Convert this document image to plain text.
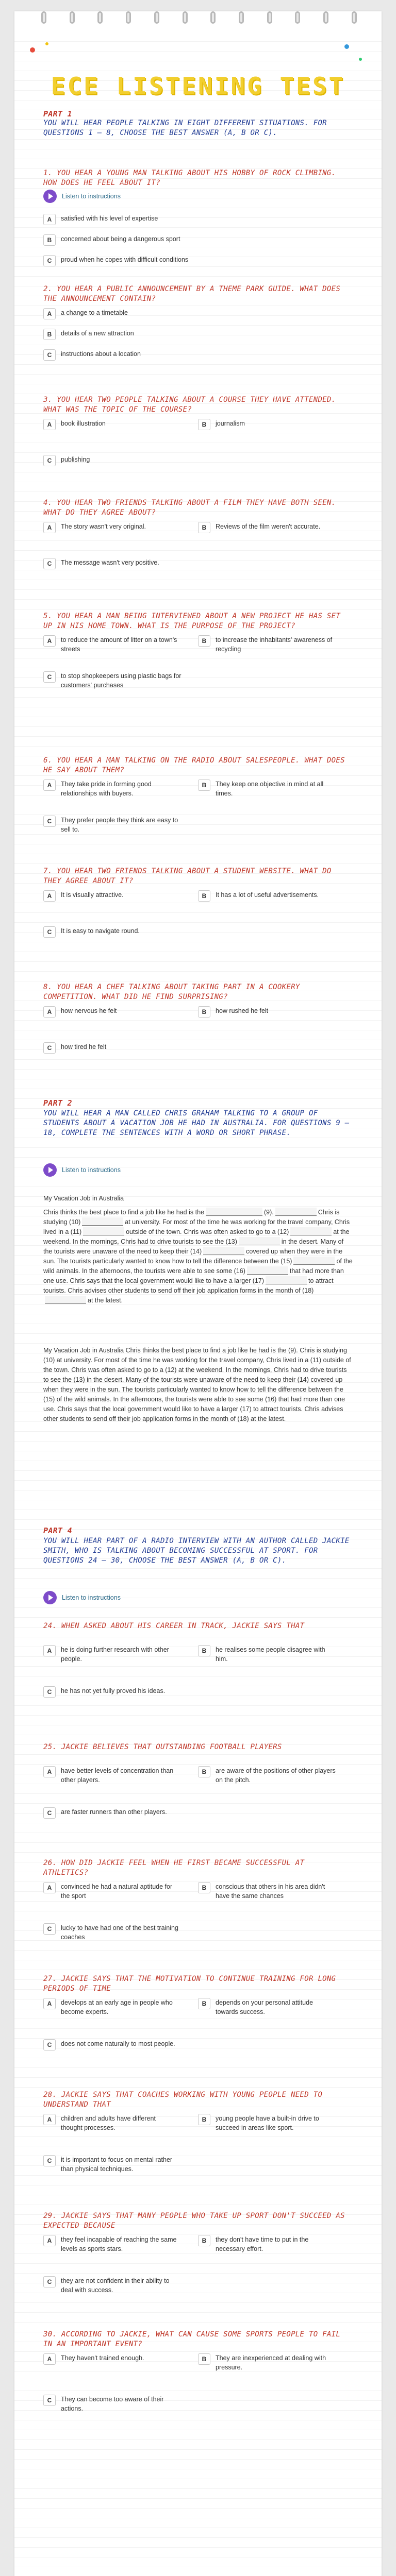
ECE LISTENING TEST
PART 1
YOU WILL HEAR PEOPLE TALKING IN EIGHT DIFFERENT SITUATIONS. FOR QUESTIONS 1 – 8, CHOOSE THE BEST ANSWER (A, B OR C).
1. YOU HEAR A YOUNG MAN TALKING ABOUT HIS HOBBY OF ROCK CLIMBING. HOW DOES HE FEEL ABOUT IT?
Listen to instructions
A	satisfied with his level of expertise
B	concerned about being a dangerous sport
C	proud when he copes with difficult conditions
2. YOU HEAR A PUBLIC ANNOUNCEMENT BY A THEME PARK GUIDE. WHAT DOES THE ANNOUNCEMENT CONTAIN?
A	a change to a timetable
B	details of a new attraction
C	instructions about a location
3. YOU HEAR TWO PEOPLE TALKING ABOUT A COURSE THEY HAVE ATTENDED. WHAT WAS THE TOPIC OF THE COURSE?
A	book illustration	B	journalism
C	publishing
4. YOU HEAR TWO FRIENDS TALKING ABOUT A FILM THEY HAVE BOTH SEEN. WHAT DO THEY AGREE ABOUT?
A	The story wasn't very original.	B	Reviews of the film weren't accurate.
C	The message wasn't very positive.
5. YOU HEAR A MAN BEING INTERVIEWED ABOUT A NEW PROJECT HE HAS SET UP IN HIS HOME TOWN. WHAT IS THE PURPOSE OF THE PROJECT?
A	to reduce the amount of litter on a town's streets
B	to increase the inhabitants' awareness of recycling
C	to stop shopkeepers using plastic bags for customers' purchases
6. YOU HEAR A MAN TALKING ON THE RADIO ABOUT SALESPEOPLE. WHAT DOES HE SAY ABOUT THEM?
A	They take pride in forming good relationships with buyers.
B	They keep one objective in mind at all times.
C	They prefer people they think are easy to sell to.
7. YOU HEAR TWO FRIENDS TALKING ABOUT A STUDENT WEBSITE. WHAT DO THEY AGREE ABOUT IT?
A	It is visually attractive.	B	It has a lot of useful advertisements.
C	It is easy to navigate round.
8. YOU HEAR A CHEF TALKING ABOUT TAKING PART IN A COOKERY COMPETITION. WHAT DID HE FIND SURPRISING?
A	how nervous he felt	B	how rushed he felt
C	how tired he felt
PART 2
YOU WILL HEAR A MAN CALLED CHRIS GRAHAM TALKING TO A GROUP OF STUDENTS ABOUT A VACATION JOB HE HAD IN AUSTRALIA. FOR QUESTIONS 9 – 18, COMPLETE THE SENTENCES WITH A WORD OR SHORT PHRASE.
Listen to instructions
My Vacation Job in Australia
Chris thinks the best place to find a job like he had is the	(9).	Chris is studying (10)	at university. For most of the time he was working for the travel company, Chris lived in a (11)	outside of the town. Chris was often asked to go to a (12)	at the weekend. In the mornings, Chris had to drive tourists to see the (13)	in the desert. Many of the tourists were unaware of the need to keep their (14)	covered up when they were in the sun. The tourists particularly wanted to know how to tell the difference between the (15)	of the wild animals. In the afternoons, the tourists were able to see some (16)	that had more than one use. Chris says that the local government would like to have a larger (17)	to attract tourists. Chris advises other students to send off their job application forms in the month of (18)at the latest.
My Vacation Job in Australia Chris thinks the best place to find a job like he had is the (9). Chris is studying (10) at university. For most of the time he was working for the travel company, Chris lived in a (11) outside of the town. Chris was often asked to go to a (12) at the weekend. In the mornings, Chris had to drive tourists to see the (13) in the desert. Many of the tourists were unaware of the need to keep their (14) covered up when they were in the sun. The tourists particularly wanted to know how to tell the difference between the (15) of the wild animals. In the afternoons, the tourists were able to see some (16) that had more than one use. Chris says that the local government would like to have a larger (17) to attract tourists. Chris advises other students to send off their job application forms in the month of (18) at the latest.
PART 4
YOU WILL HEAR PART OF A RADIO INTERVIEW WITH AN AUTHOR CALLED JACKIE SMITH, WHO IS TALKING ABOUT BECOMING SUCCESSFUL AT SPORT. FOR QUESTIONS 24 – 30, CHOOSE THE BEST ANSWER (A, B OR C).
Listen to instructions
24. WHEN ASKED ABOUT HIS CAREER IN TRACK, JACKIE SAYS THAT
A	he is doing further research with other people.
B	he realises some people disagree with him.
C	he has not yet fully proved his ideas.
25. JACKIE BELIEVES THAT OUTSTANDING FOOTBALL PLAYERS
A	have better levels of concentration than other players.
B	are aware of the positions of other players on the pitch.
C	are faster runners than other players.
26. HOW DID JACKIE FEEL WHEN HE FIRST BECAME SUCCESSFUL AT ATHLETICS?
A	convinced he had a natural aptitude for the sport
B	conscious that others in his area didn't have the same chances
C	lucky to have had one of the best training coaches
27. JACKIE SAYS THAT THE MOTIVATION TO CONTINUE TRAINING FOR LONG PERIODS OF TIME
A	develops at an early age in people who become experts.
B	depends on your personal attitude towards success.
C	does not come naturally to most people.
28. JACKIE SAYS THAT COACHES WORKING WITH YOUNG PEOPLE NEED TO UNDERSTAND THAT
A	children and adults have different thought processes.
B	young people have a built-in drive to succeed in areas like sport.
C	it is important to focus on mental rather than physical techniques.
29. JACKIE SAYS THAT MANY PEOPLE WHO TAKE UP SPORT DON'T SUCCEED AS EXPECTED BECAUSE
A	they feel incapable of reaching the same levels as sports stars.
B	they don't have time to put in the necessary effort.
C	they are not confident in their ability to deal with success.
30. ACCORDING TO JACKIE, WHAT CAN CAUSE SOME SPORTS PEOPLE TO FAIL IN AN IMPORTANT EVENT?
A	They haven't trained enough.	B	They are inexperienced at dealing with pressure.
C	They can become too aware of their actions.
